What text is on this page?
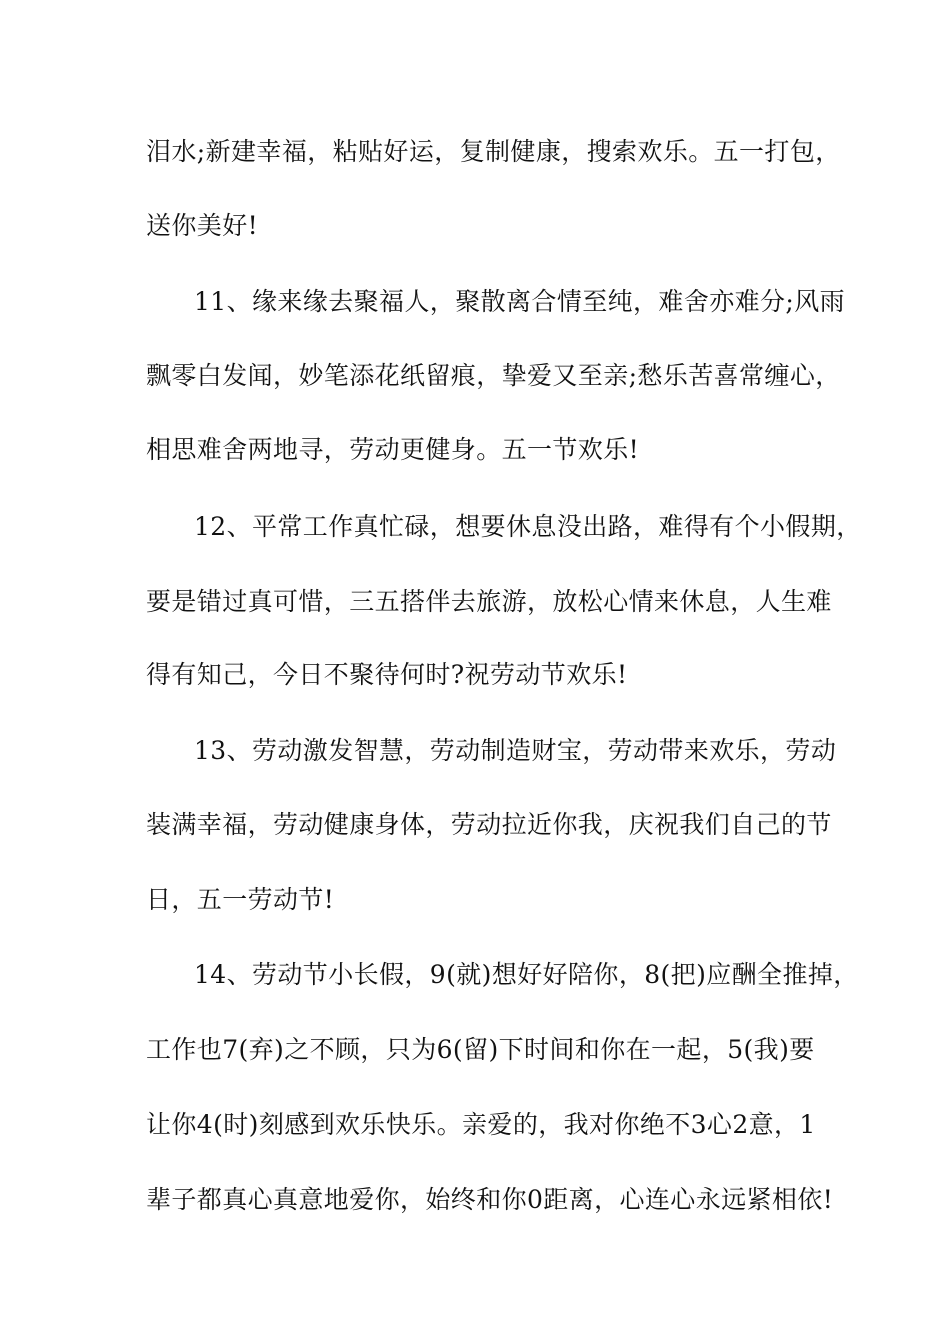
泪水;新建幸福，粘贴好运，复制健康，搜索欢乐。五一打包，
送你美好!
11、缘来缘去聚福人，聚散离合情至纯，难舍亦难分;风雨
飘零白发闻，妙笔添花纸留痕，挚爱又至亲;愁乐苦喜常缠心，
相思难舍两地寻，劳动更健身。五一节欢乐!
12、平常工作真忙碌，想要休息没出路，难得有个小假期，
要是错过真可惜，三五搭伴去旅游，放松心情来休息，人生难
得有知己，今日不聚待何时?祝劳动节欢乐!
13、劳动激发智慧，劳动制造财宝，劳动带来欢乐，劳动
装满幸福，劳动健康身体，劳动拉近你我，庆祝我们自己的节
日，五一劳动节!
14、劳动节小长假，9(就)想好好陪你，8(把)应酬全推掉，
工作也7(弃)之不顾，只为6(留)下时间和你在一起，5(我)要
让你4(时)刻感到欢乐快乐。亲爱的，我对你绝不3心2意，1
辈子都真心真意地爱你，始终和你0距离，心连心永远紧相依!
